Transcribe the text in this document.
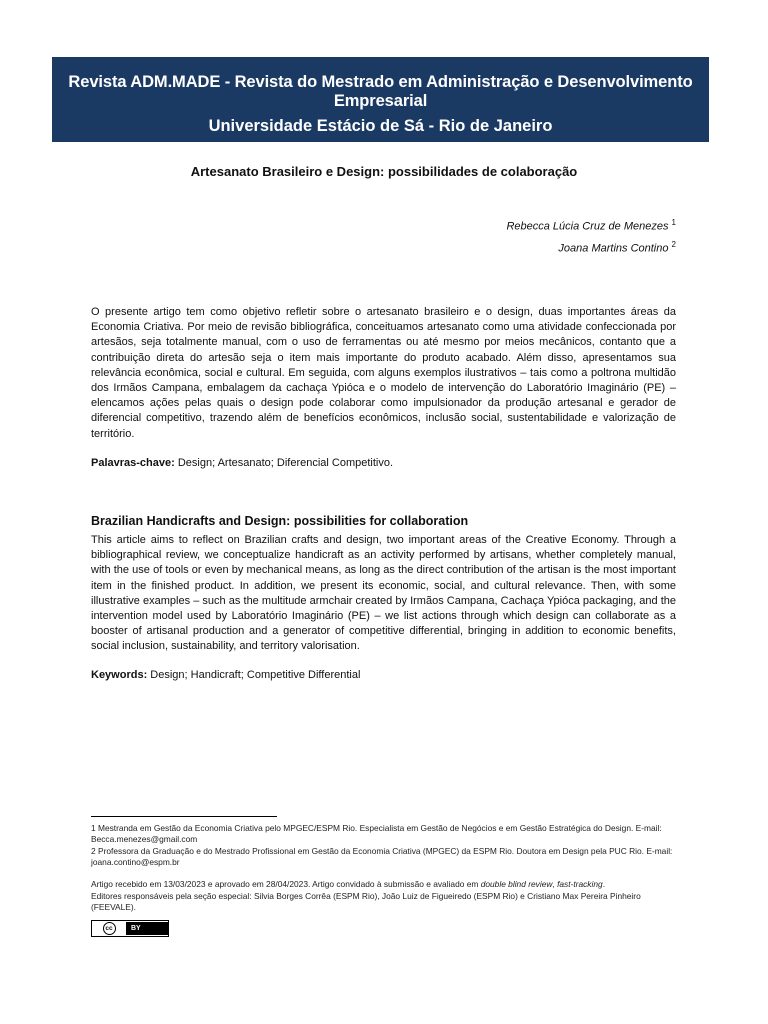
Revista ADM.MADE - Revista do Mestrado em Administração e Desenvolvimento Empresarial
Universidade Estácio de Sá - Rio de Janeiro
ISSN 2237-5139
Artesanato Brasileiro e Design: possibilidades de colaboração
Rebecca Lúcia Cruz de Menezes $^1$
Joana Martins Contino $^2$

O presente artigo tem como objetivo refletir sobre o artesanato brasileiro e o design, duas importantes áreas da Economia Criativa. Por meio de revisão bibliográfica, conceituamos artesanato como uma atividade confeccionada por artesãos, seja totalmente manual, com o uso de ferramentas ou até mesmo por meios mecânicos, contanto que a contribuição direta do artesão seja o item mais importante do produto acabado. Além disso, apresentamos sua relevância econômica, social e cultural. Em seguida, com alguns exemplos ilustrativos – tais como a poltrona multidão dos Irmãos Campana, embalagem da cachaça Ypióca e o modelo de intervenção do Laboratório Imaginário (PE) – elencamos ações pelas quais o design pode colaborar como impulsionador da produção artesanal e gerador de diferencial competitivo, trazendo além de benefícios econômicos, inclusão social, sustentabilidade e valorização de território.

Palavras-chave: Design; Artesanato; Diferencial Competitivo.
Brazilian Handicrafts and Design: possibilities for collaboration

This article aims to reflect on Brazilian crafts and design, two important areas of the Creative Economy. Through a bibliographical review, we conceptualize handicraft as an activity performed by artisans, whether completely manual, with the use of tools or even by mechanical means, as long as the direct contribution of the artisan is the most important item in the finished product. In addition, we present its economic, social, and cultural relevance. Then, with some illustrative examples – such as the multitude armchair created by Irmãos Campana, Cachaça Ypióca packaging, and the intervention model used by Laboratório Imaginário (PE) – we list actions through which design can collaborate as a booster of artisanal production and a generator of competitive differential, bringing in addition to economic benefits, social inclusion, sustainability, and territory valorisation.

Keywords: Design; Handicraft; Competitive Differential
1 Mestranda em Gestão da Economia Criativa pelo MPGEC/ESPM Rio. Especialista em Gestão de Negócios e em Gestão Estratégica do Design. E-mail: Becca.menezes@gmail.com
2 Professora da Graduação e do Mestrado Profissional em Gestão da Economia Criativa (MPGEC) da ESPM Rio. Doutora em Design pela PUC Rio. E-mail: joana.contino@espm.br
Artigo recebido em 13/03/2023 e aprovado em 28/04/2023. Artigo convidado à submissão e avaliado em double blind review, fast-tracking.
Editores responsáveis pela seção especial: Silvia Borges Corrêa (ESPM Rio), João Luiz de Figueiredo (ESPM Rio) e Cristiano Max Pereira Pinheiro (FEEVALE).
cc	BY
